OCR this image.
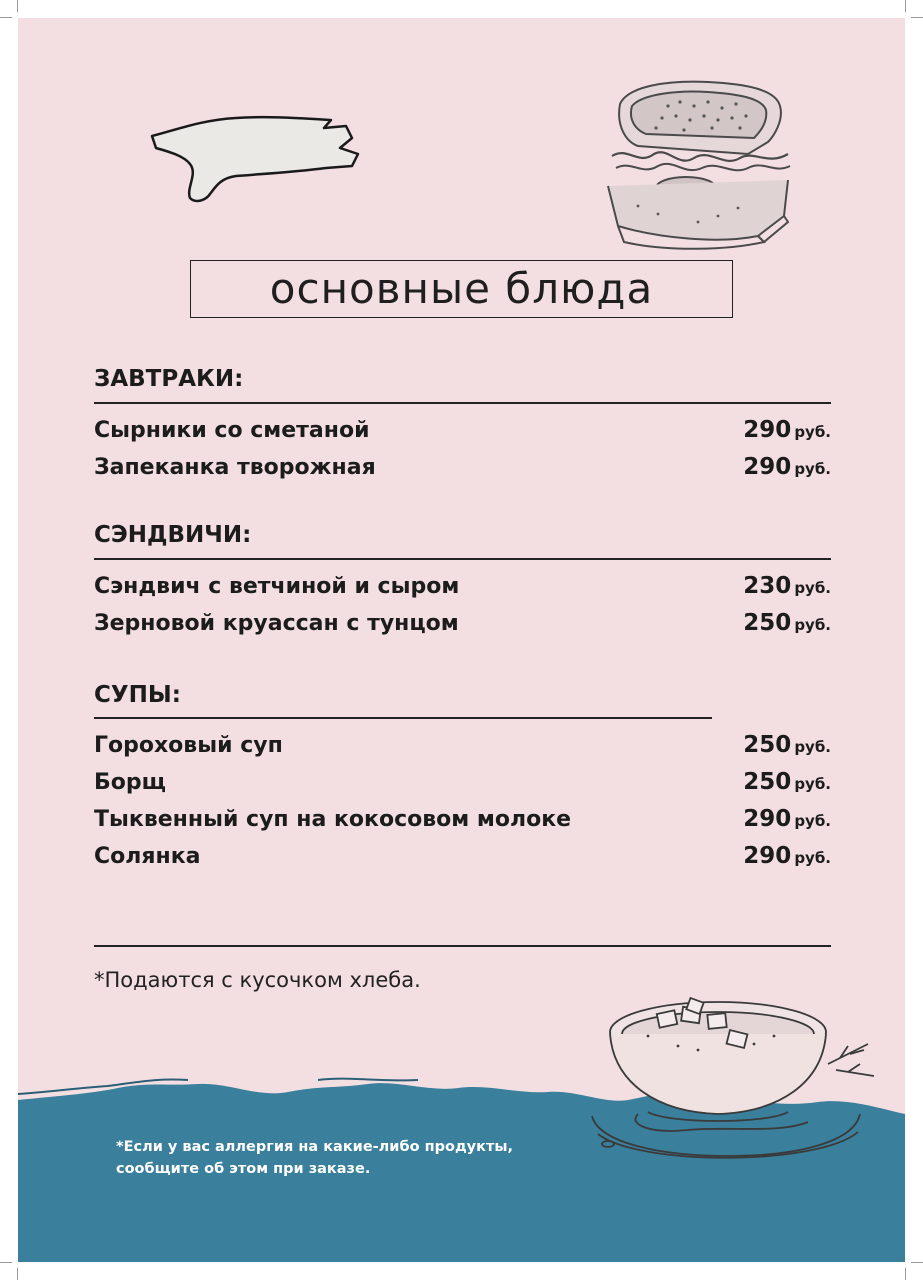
основные блюда
ЗАВТРАКИ:
Сырники со сметаной	290 руб.
Запеканка творожная	290 руб.
СЭНДВИЧИ:
Сэндвич с ветчиной и сыром	230 руб.
Зерновой круассан с тунцом	250 руб.
СУПЫ:
Гороховый суп	250 руб.
Борщ	250 руб.
Тыквенный суп на кокосовом молоке	290 руб.
Солянка	290 руб.
*Подаются с кусочком хлеба.
*Если у вас аллергия на какие-либо продукты,
сообщите об этом при заказе.
